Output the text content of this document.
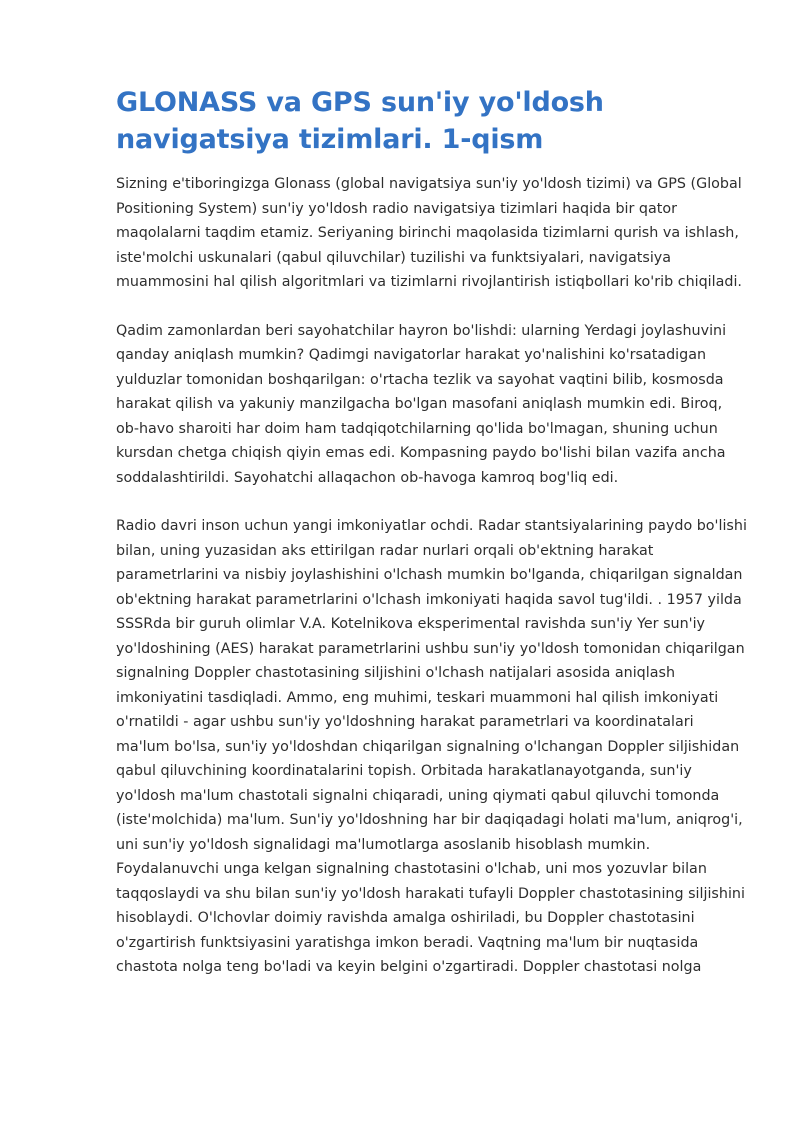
GLONASS va GPS sun'iy yo'ldosh navigatsiya tizimlari. 1-qism

Sizning e'tiboringizga Glonass (global navigatsiya sun'iy yo'ldosh tizimi) va GPS (Global Positioning System) sun'iy yo'ldosh radio navigatsiya tizimlari haqida bir qator maqolalarni taqdim etamiz. Seriyaning birinchi maqolasida tizimlarni qurish va ishlash, iste'molchi uskunalari (qabul qiluvchilar) tuzilishi va funktsiyalari, navigatsiya muammosini hal qilish algoritmlari va tizimlarni rivojlantirish istiqbollari ko'rib chiqiladi.

Qadim zamonlardan beri sayohatchilar hayron bo'lishdi: ularning Yerdagi joylashuvini qanday aniqlash mumkin? Qadimgi navigatorlar harakat yo'nalishini ko'rsatadigan yulduzlar tomonidan boshqarilgan: o'rtacha tezlik va sayohat vaqtini bilib, kosmosda harakat qilish va yakuniy manzilgacha bo'lgan masofani aniqlash mumkin edi. Biroq, ob-havo sharoiti har doim ham tadqiqotchilarning qo'lida bo'lmagan, shuning uchun kursdan chetga chiqish qiyin emas edi. Kompasning paydo bo'lishi bilan vazifa ancha soddalashtirildi. Sayohatchi allaqachon ob-havoga kamroq bog'liq edi.

Radio davri inson uchun yangi imkoniyatlar ochdi. Radar stantsiyalarining paydo bo'lishi bilan, uning yuzasidan aks ettirilgan radar nurlari orqali ob'ektning harakat parametrlarini va nisbiy joylashishini o'lchash mumkin bo'lganda, chiqarilgan signaldan ob'ektning harakat parametrlarini o'lchash imkoniyati haqida savol tug'ildi. . 1957 yilda SSSRda bir guruh olimlar V.A. Kotelnikova eksperimental ravishda sun'iy Yer sun'iy yo'ldoshining (AES) harakat parametrlarini ushbu sun'iy yo'ldosh tomonidan chiqarilgan signalning Doppler chastotasining siljishini o'lchash natijalari asosida aniqlash imkoniyatini tasdiqladi. Ammo, eng muhimi, teskari muammoni hal qilish imkoniyati o'rnatildi - agar ushbu sun'iy yo'ldoshning harakat parametrlari va koordinatalari ma'lum bo'lsa, sun'iy yo'ldoshdan chiqarilgan signalning o'lchangan Doppler siljishidan qabul qiluvchining koordinatalarini topish. Orbitada harakatlanayotganda, sun'iy yo'ldosh ma'lum chastotali signalni chiqaradi, uning qiymati qabul qiluvchi tomonda (iste'molchida) ma'lum. Sun'iy yo'ldoshning har bir daqiqadagi holati ma'lum, aniqrog'i, uni sun'iy yo'ldosh signalidagi ma'lumotlarga asoslanib hisoblash mumkin. Foydalanuvchi unga kelgan signalning chastotasini o'lchab, uni mos yozuvlar bilan taqqoslaydi va shu bilan sun'iy yo'ldosh harakati tufayli Doppler chastotasining siljishini hisoblaydi. O'lchovlar doimiy ravishda amalga oshiriladi, bu Doppler chastotasini o'zgartirish funktsiyasini yaratishga imkon beradi. Vaqtning ma'lum bir nuqtasida chastota nolga teng bo'ladi va keyin belgini o'zgartiradi. Doppler chastotasi nolga
